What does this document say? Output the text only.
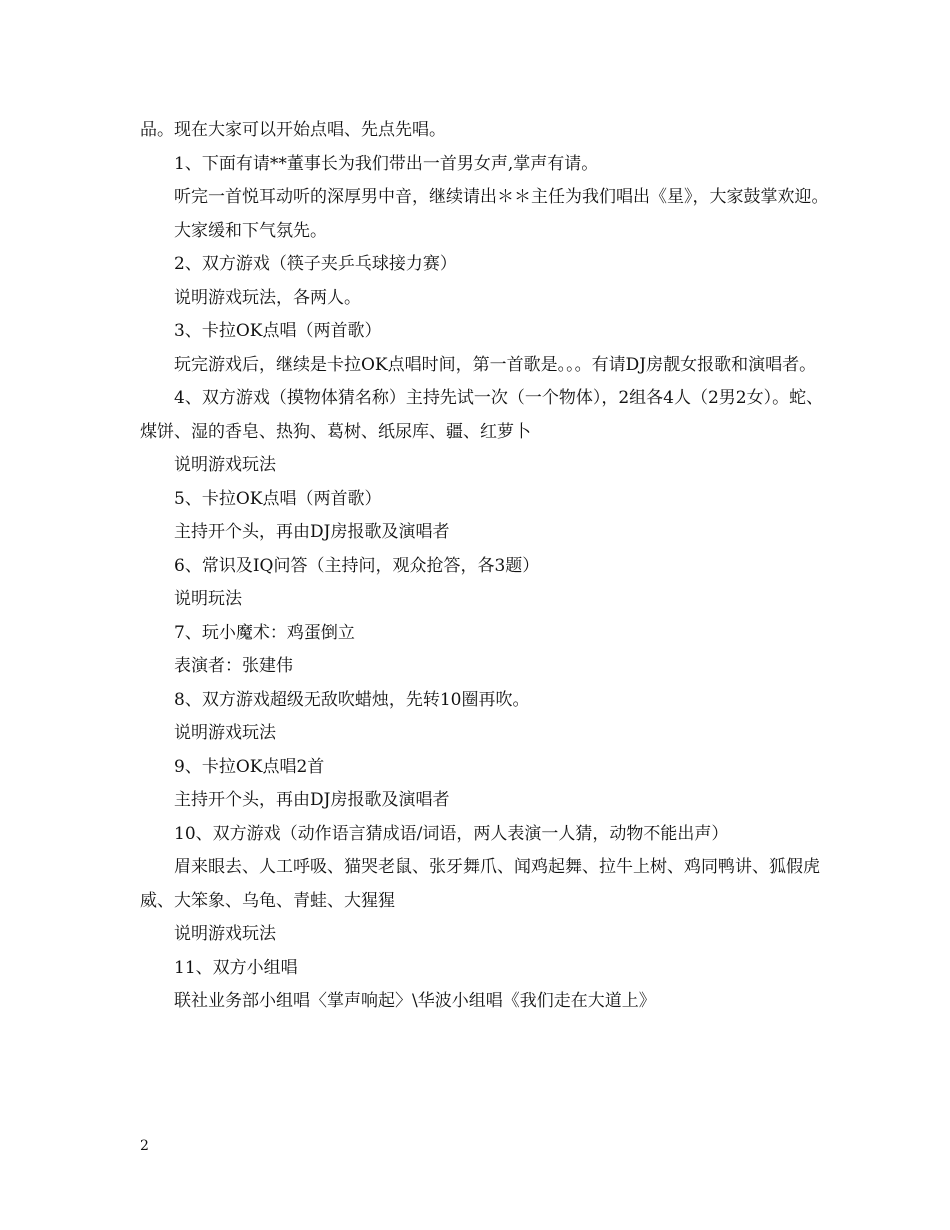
品。现在大家可以开始点唱、先点先唱。

1、下面有请**董事长为我们带出一首男女声,掌声有请。

听完一首悦耳动听的深厚男中音，继续请出＊＊主任为我们唱出《星》，大家鼓掌欢迎。

大家缓和下气氛先。

2、双方游戏（筷子夹乒乓球接力赛）

说明游戏玩法，各两人。

3、卡拉OK点唱（两首歌）

玩完游戏后，继续是卡拉OK点唱时间，第一首歌是。。。有请DJ房靓女报歌和演唱者。

4、双方游戏（摸物体猜名称）主持先试一次（一个物体），2组各4人（2男2女）。蛇、煤饼、湿的香皂、热狗、葛树、纸尿库、疆、红萝卜

说明游戏玩法

5、卡拉OK点唱（两首歌）

主持开个头，再由DJ房报歌及演唱者

6、常识及IQ问答（主持问，观众抢答，各3题）

说明玩法

7、玩小魔术：鸡蛋倒立

表演者：张建伟

8、双方游戏超级无敌吹蜡烛，先转10圈再吹。

说明游戏玩法

9、卡拉OK点唱2首

主持开个头，再由DJ房报歌及演唱者

10、双方游戏（动作语言猜成语/词语，两人表演一人猜，动物不能出声）

眉来眼去、人工呼吸、猫哭老鼠、张牙舞爪、闻鸡起舞、拉牛上树、鸡同鸭讲、狐假虎威、大笨象、乌龟、青蛙、大猩猩

说明游戏玩法

11、双方小组唱

联社业务部小组唱〈掌声响起〉\华波小组唱《我们走在大道上》

2
